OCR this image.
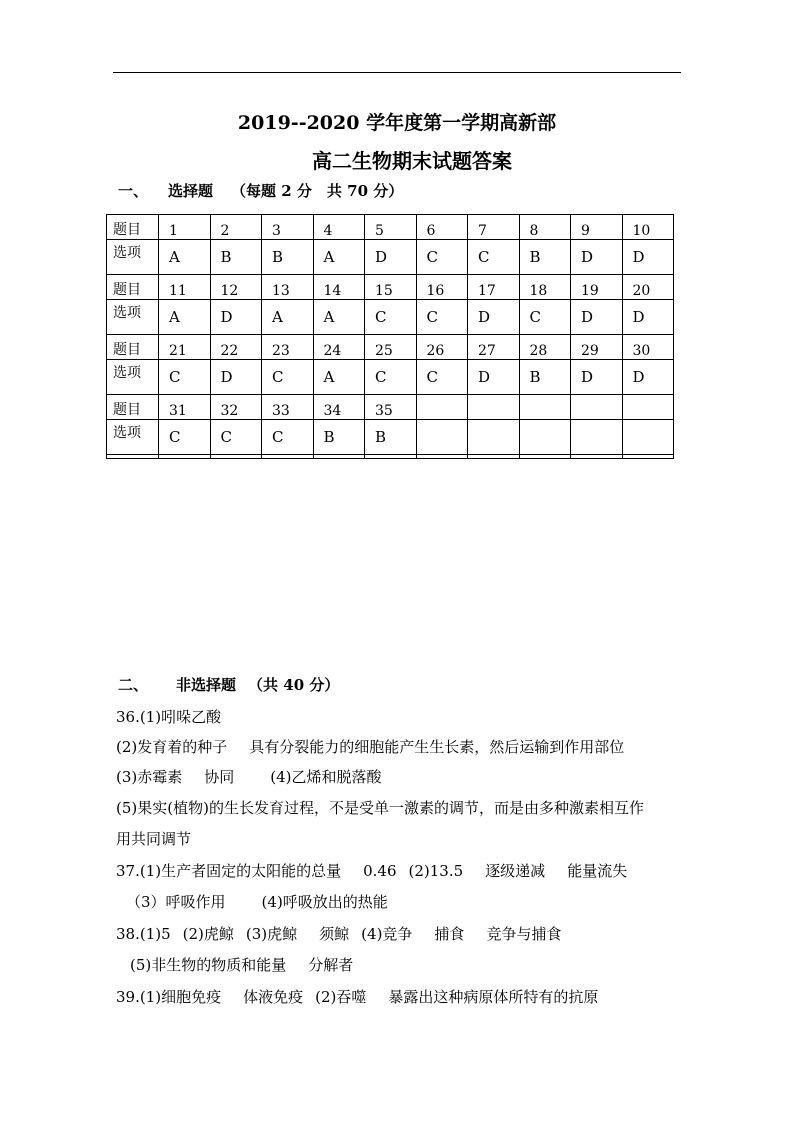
2019--2020 学年度第一学期高新部
高二生物期末试题答案
一、 选择题 （每题 2 分　共 70 分）
题目	1	2	3	4	5	6	7	8	9	10
选项	A	B	B	A	D	C	C	B	D	D
题目	11	12	13	14	15	16	17	18	19	20
选项	A	D	A	A	C	C	D	C	D	D
题目	21	22	23	24	25	26	27	28	29	30
选项	C	D	C	A	C	C	D	B	D	D
题目	31	32	33	34	35					
选项	C	C	C	B	B					

二、 非选择题 （共 40 分）
36.(1)吲哚乙酸
(2)发育着的种子 具有分裂能力的细胞能产生生长素，然后运输到作用部位
(3)赤霉素 协同 (4)乙烯和脱落酸
(5)果实(植物)的生长发育过程，不是受单一激素的调节，而是由多种激素相互作
用共同调节
37.(1)生产者固定的太阳能的总量 0.46 (2)13.5 逐级递减 能量流失
（3）呼吸作用 (4)呼吸放出的热能
38.(1)5 (2)虎鲸 (3)虎鲸 须鲸 (4)竞争 捕食 竞争与捕食
(5)非生物的物质和能量 分解者
39.(1)细胞免疫 体液免疫 (2)吞噬 暴露出这种病原体所特有的抗原
